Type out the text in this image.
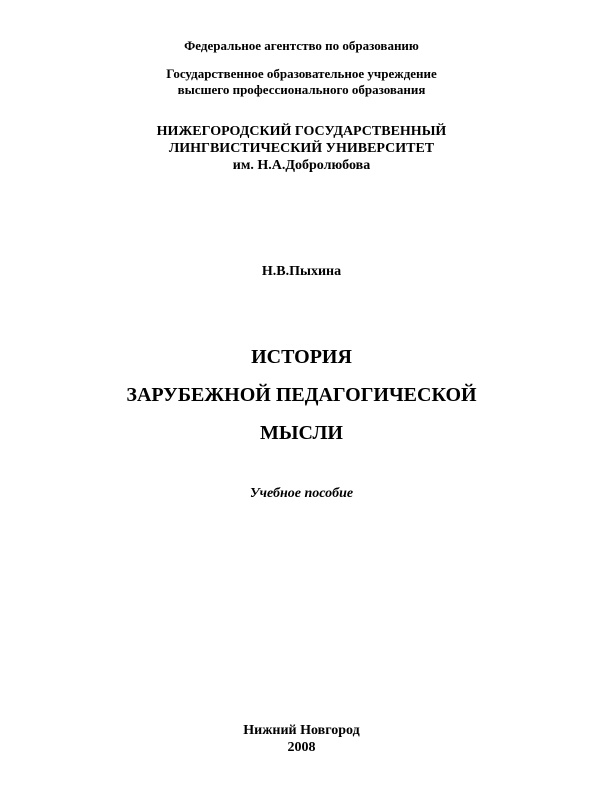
Федеральное агентство по образованию
Государственное образовательное учреждение
высшего профессионального образования
НИЖЕГОРОДСКИЙ ГОСУДАРСТВЕННЫЙ
ЛИНГВИСТИЧЕСКИЙ УНИВЕРСИТЕТ
им. Н.А.Добролюбова
Н.В.Пыхина
ИСТОРИЯ
ЗАРУБЕЖНОЙ ПЕДАГОГИЧЕСКОЙ
МЫСЛИ
Учебное пособие
Нижний Новгород
2008
